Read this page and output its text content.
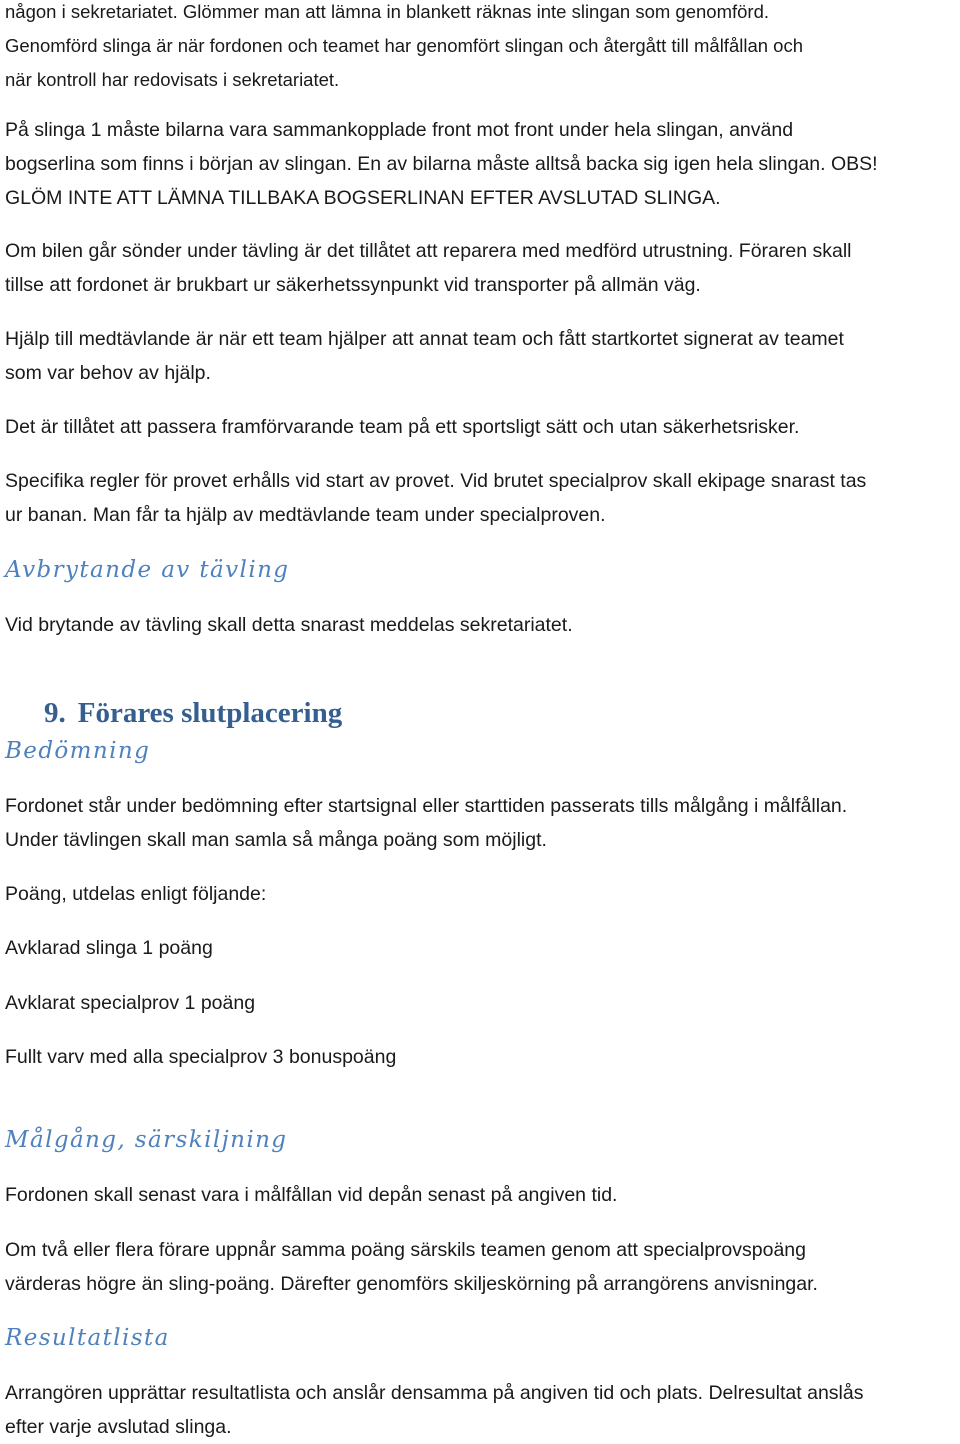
någon i sekretariatet. Glömmer man att lämna in blankett räknas inte slingan som genomförd.

Genomförd slinga är när fordonen och teamet har genomfört slingan och återgått till målfållan och

när kontroll har redovisats i sekretariatet.

På slinga 1 måste bilarna vara sammankopplade front mot front under hela slingan, använd

bogserlina som finns i början av slingan. En av bilarna måste alltså backa sig igen hela slingan. OBS!

GLÖM INTE ATT LÄMNA TILLBAKA BOGSERLINAN EFTER AVSLUTAD SLINGA.

Om bilen går sönder under tävling är det tillåtet att reparera med medförd utrustning. Föraren skall

tillse att fordonet är brukbart ur säkerhetssynpunkt vid transporter på allmän väg.

Hjälp till medtävlande är när ett team hjälper att annat team och fått startkortet signerat av teamet

som var behov av hjälp.

Det är tillåtet att passera framförvarande team på ett sportsligt sätt och utan säkerhetsrisker.

Specifika regler för provet erhålls vid start av provet. Vid brutet specialprov skall ekipage snarast tas

ur banan. Man får ta hjälp av medtävlande team under specialproven.

Avbrytande av tävling

Vid brytande av tävling skall detta snarast meddelas sekretariatet.

9. Förares slutplacering
Bedömning

Fordonet står under bedömning efter startsignal eller starttiden passerats tills målgång i målfållan.

Under tävlingen skall man samla så många poäng som möjligt.

Poäng, utdelas enligt följande:

Avklarad slinga 1 poäng

Avklarat specialprov 1 poäng

Fullt varv med alla specialprov 3 bonuspoäng

Målgång, särskiljning

Fordonen skall senast vara i målfållan vid depån senast på angiven tid.

Om två eller flera förare uppnår samma poäng särskils teamen genom att specialprovspoäng

värderas högre än sling-poäng. Därefter genomförs skiljeskörning på arrangörens anvisningar.

Resultatlista

Arrangören upprättar resultatlista och anslår densamma på angiven tid och plats. Delresultat anslås

efter varje avslutad slinga.
